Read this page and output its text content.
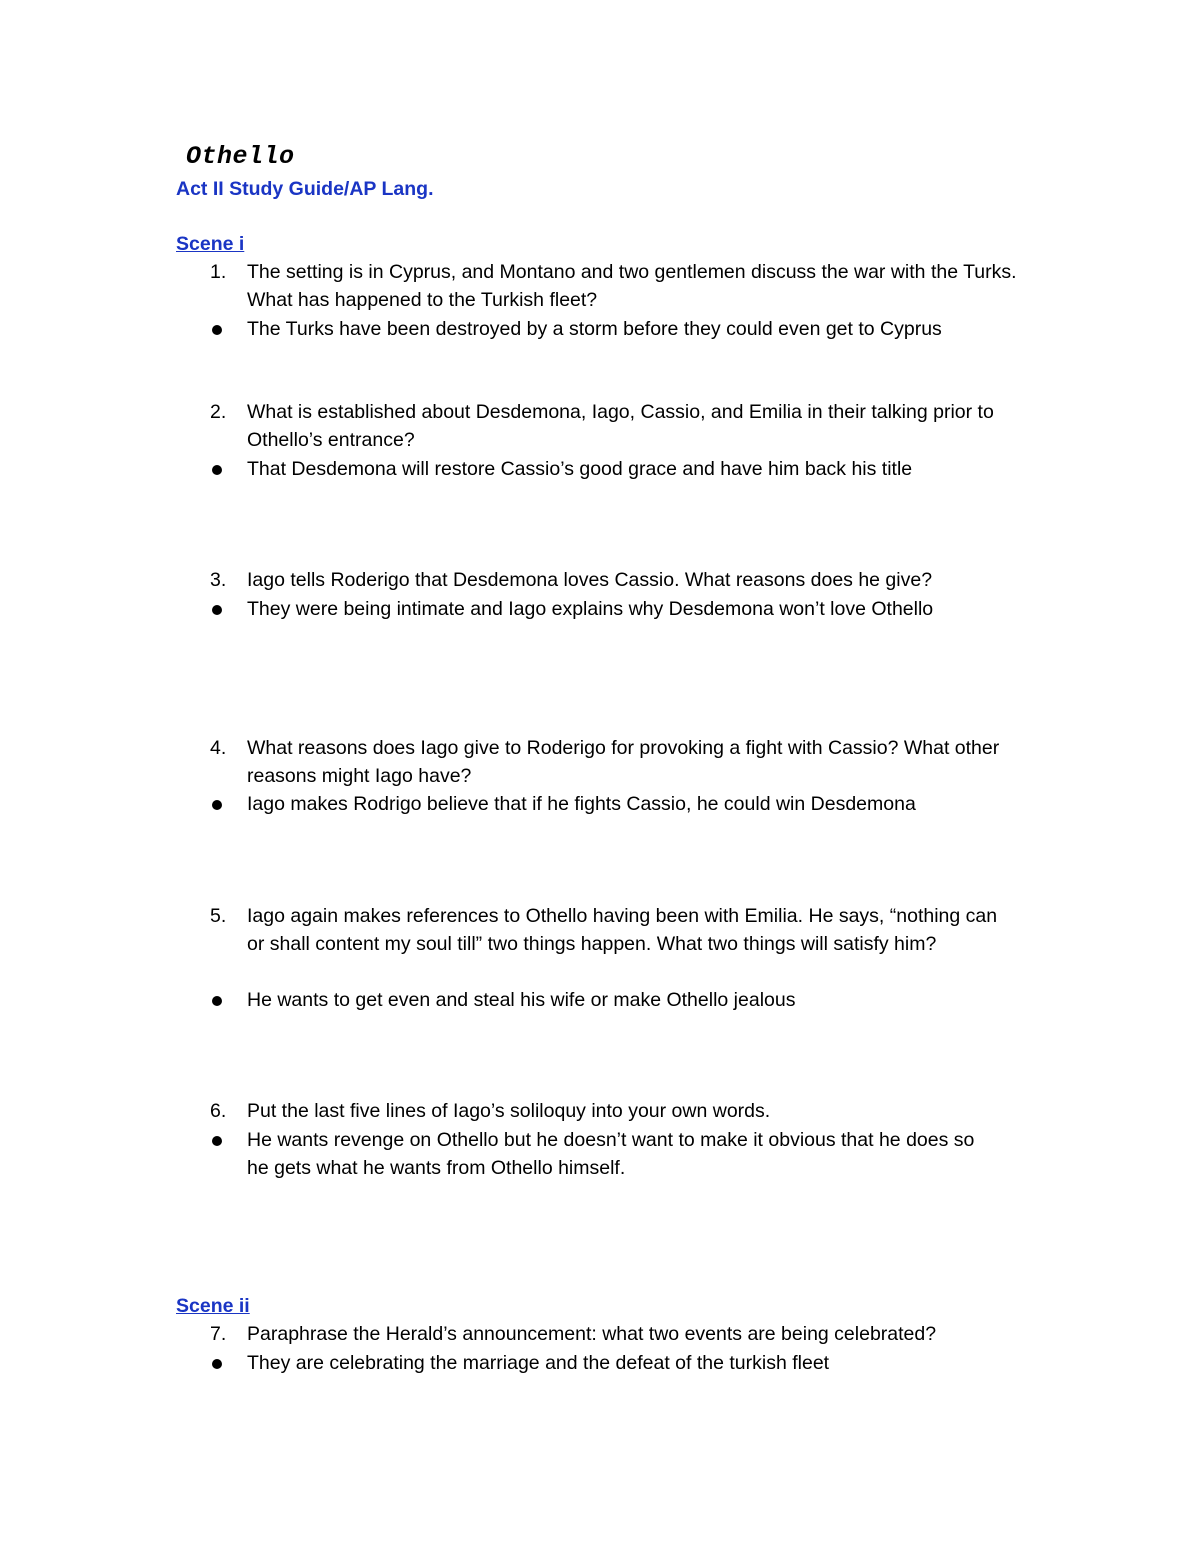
Othello
Act II Study Guide/AP Lang.
Scene i
1.	The setting is in Cyprus, and Montano and two gentlemen discuss the war with the Turks. What has happened to the Turkish fleet?
The Turks have been destroyed by a storm before they could even get to Cyprus
2.	What is established about Desdemona, Iago, Cassio, and Emilia in their talking prior to Othello’s entrance?
That Desdemona will restore Cassio’s good grace and have him back his title
3.	Iago tells Roderigo that Desdemona loves Cassio. What reasons does he give?
They were being intimate and Iago explains why Desdemona won’t love Othello
4.	What reasons does Iago give to Roderigo for provoking a fight with Cassio? What other reasons might Iago have?
Iago makes Rodrigo believe that if he fights Cassio, he could win Desdemona
5.	Iago again makes references to Othello having been with Emilia. He says, “nothing can or shall content my soul till” two things happen. What two things will satisfy him?
He wants to get even and steal his wife or make Othello jealous
6.	Put the last five lines of Iago’s soliloquy into your own words.
He wants revenge on Othello but he doesn’t want to make it obvious that he does so he gets what he wants from Othello himself.
Scene ii
7.	Paraphrase the Herald’s announcement: what two events are being celebrated?
They are celebrating the marriage and the defeat of the turkish fleet
